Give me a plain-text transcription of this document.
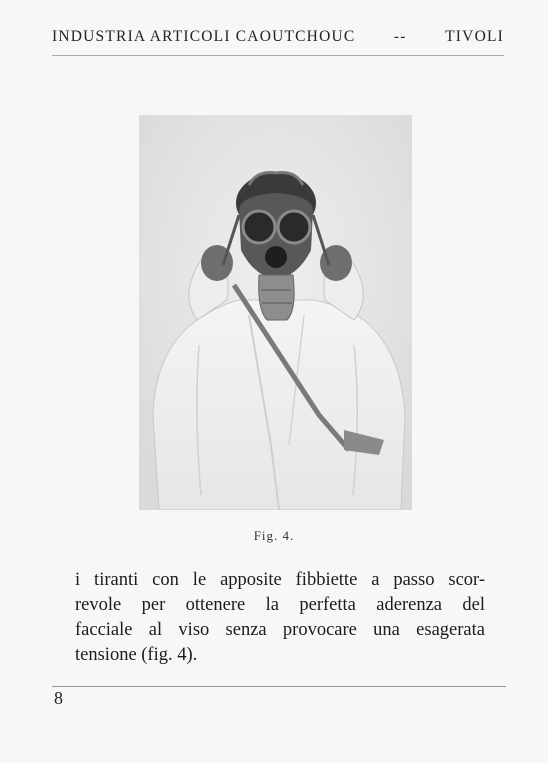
INDUSTRIA ARTICOLI CAOUTCHOUC -- TIVOLI
Fig. 4.

i tiranti con le apposite fibbiette a passo scor-
revole per ottenere la perfetta aderenza del
facciale al viso senza provocare una esagerata
tensione (fig. 4).

8
